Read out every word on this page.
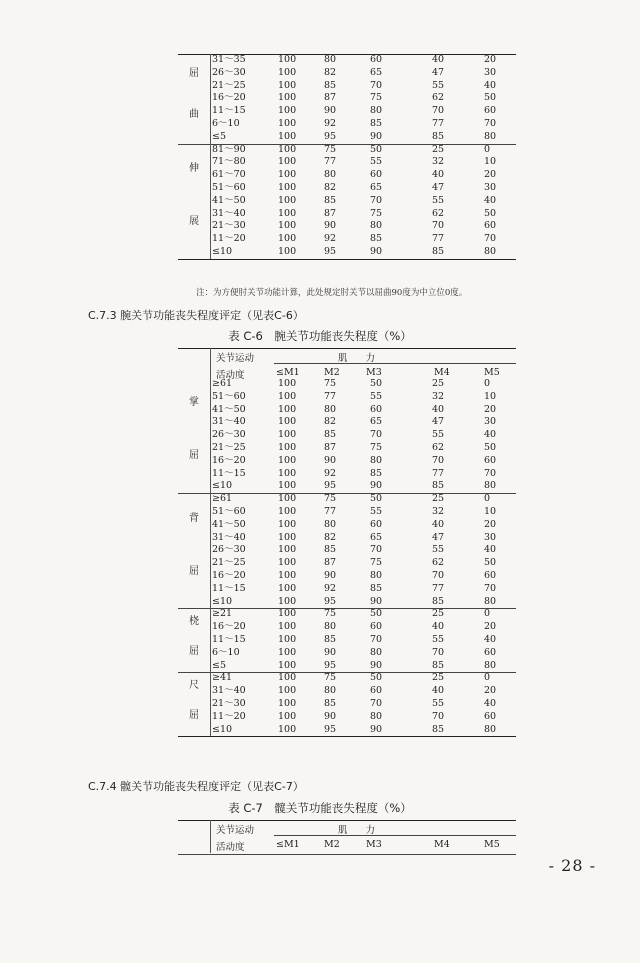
屈
曲
31～35	100	80	60	40	20
26～30	100	82	65	47	30
21～25	100	85	70	55	40
16～20	100	87	75	62	50
11～15	100	90	80	70	60
6～10	100	92	85	77	70
≤5	100	95	90	85	80
伸
展
81～90	100	75	50	25	0
71～80	100	77	55	32	10
61～70	100	80	60	40	20
51～60	100	82	65	47	30
41～50	100	85	70	55	40
31～40	100	87	75	62	50
21～30	100	90	80	70	60
11～20	100	92	85	77	70
≤10	100	95	90	85	80
注：为方便肘关节功能计算，此处规定肘关节以屈曲90度为中立位0度。
C.7.3 腕关节功能丧失程度评定（见表C-6）
表 C-6　腕关节功能丧失程度（%）
关节运动	肌力
活动度	≤M1	M2	M3	M4	M5
掌
屈
≥61	100	75	50	25	0
51～60	100	77	55	32	10
41～50	100	80	60	40	20
31～40	100	82	65	47	30
26～30	100	85	70	55	40
21～25	100	87	75	62	50
16～20	100	90	80	70	60
11～15	100	92	85	77	70
≤10	100	95	90	85	80
背
屈
≥61	100	75	50	25	0
51～60	100	77	55	32	10
41～50	100	80	60	40	20
31～40	100	82	65	47	30
26～30	100	85	70	55	40
21～25	100	87	75	62	50
16～20	100	90	80	70	60
11～15	100	92	85	77	70
≤10	100	95	90	85	80
桡
屈
≥21	100	75	50	25	0
16～20	100	80	60	40	20
11～15	100	85	70	55	40
6～10	100	90	80	70	60
≤5	100	95	90	85	80
尺
屈
≥41	100	75	50	25	0
31～40	100	80	60	40	20
21～30	100	85	70	55	40
11～20	100	90	80	70	60
≤10	100	95	90	85	80
C.7.4 髋关节功能丧失程度评定（见表C-7）
表 C-7　髋关节功能丧失程度（%）
关节运动	肌力
活动度	≤M1	M2	M3	M4	M5
- 28 -
